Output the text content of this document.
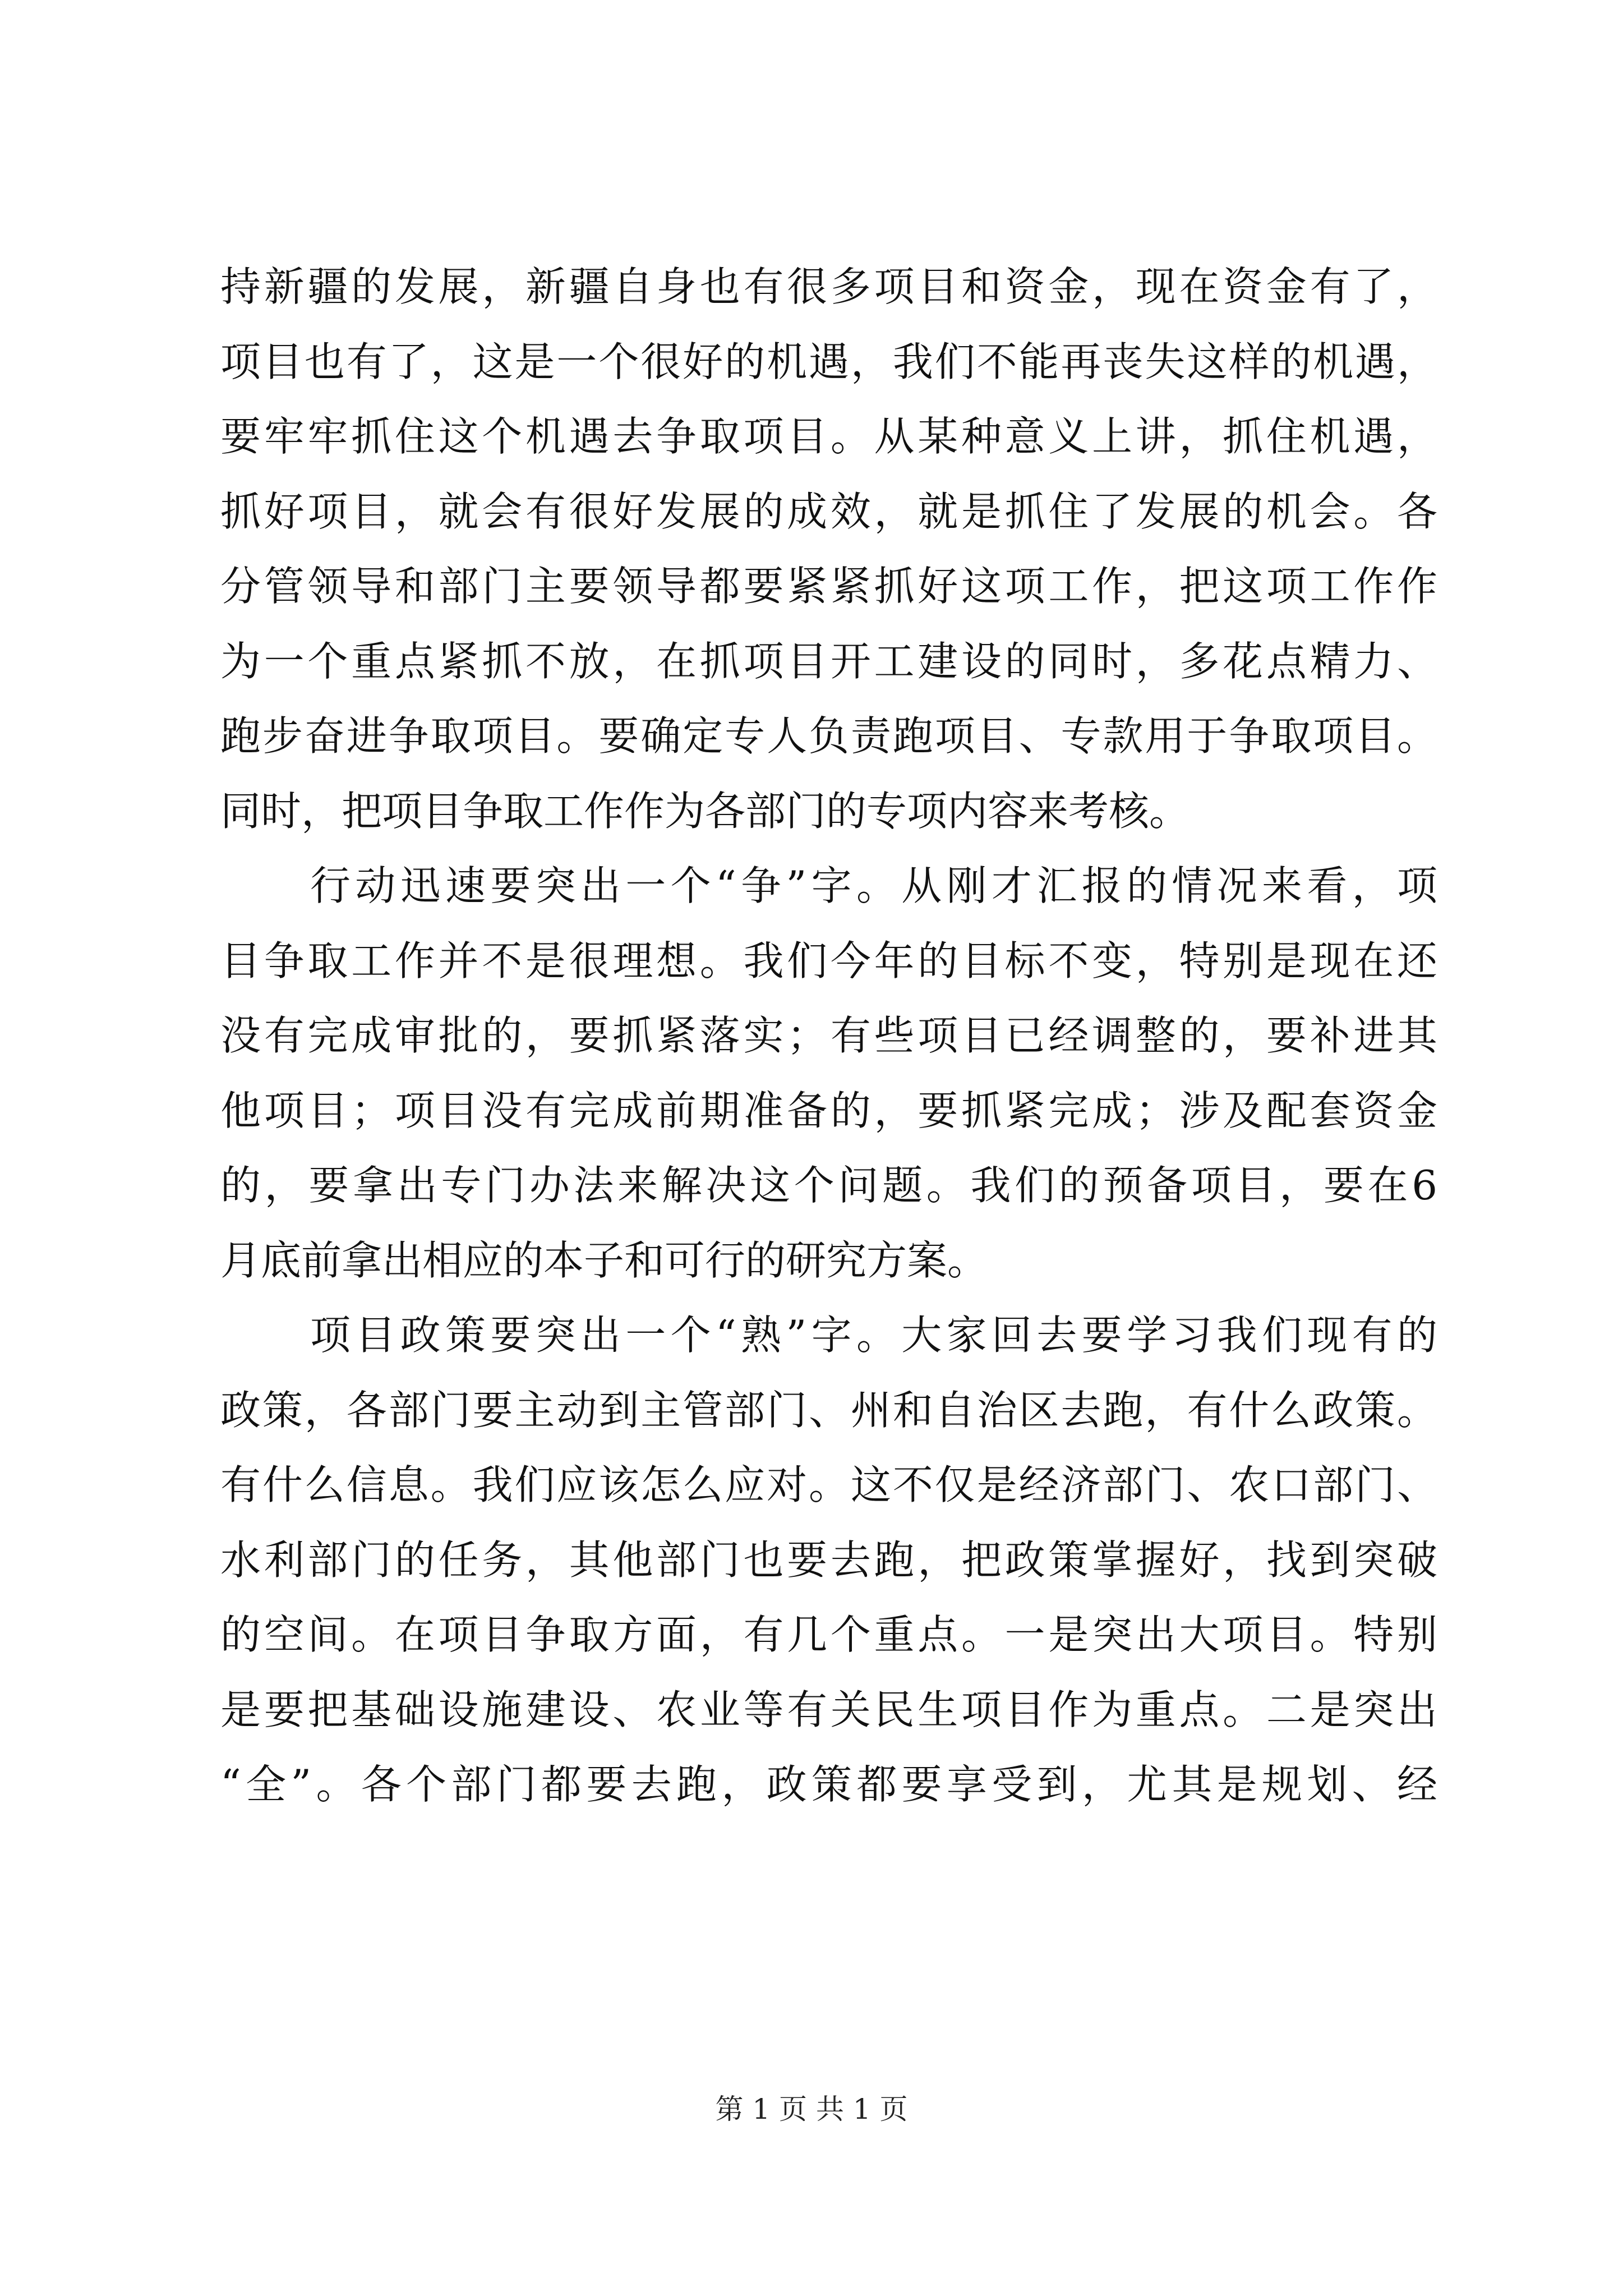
持新疆的发展，新疆自身也有很多项目和资金，现在资金有了，
项目也有了，这是一个很好的机遇，我们不能再丧失这样的机遇，
要牢牢抓住这个机遇去争取项目。从某种意义上讲，抓住机遇，
抓好项目，就会有很好发展的成效，就是抓住了发展的机会。各
分管领导和部门主要领导都要紧紧抓好这项工作，把这项工作作
为一个重点紧抓不放，在抓项目开工建设的同时，多花点精力、
跑步奋进争取项目。要确定专人负责跑项目、专款用于争取项目。
同时，把项目争取工作作为各部门的专项内容来考核。
行动迅速要突出一个“争”字。从刚才汇报的情况来看，项
目争取工作并不是很理想。我们今年的目标不变，特别是现在还
没有完成审批的，要抓紧落实；有些项目已经调整的，要补进其
他项目；项目没有完成前期准备的，要抓紧完成；涉及配套资金
的，要拿出专门办法来解决这个问题。我们的预备项目，要在6
月底前拿出相应的本子和可行的研究方案。
项目政策要突出一个“熟”字。大家回去要学习我们现有的
政策，各部门要主动到主管部门、州和自治区去跑，有什么政策。
有什么信息。我们应该怎么应对。这不仅是经济部门、农口部门、
水利部门的任务，其他部门也要去跑，把政策掌握好，找到突破
的空间。在项目争取方面，有几个重点。一是突出大项目。特别
是要把基础设施建设、农业等有关民生项目作为重点。二是突出
“全”。各个部门都要去跑，政策都要享受到，尤其是规划、经
第 1 页 共 1 页
